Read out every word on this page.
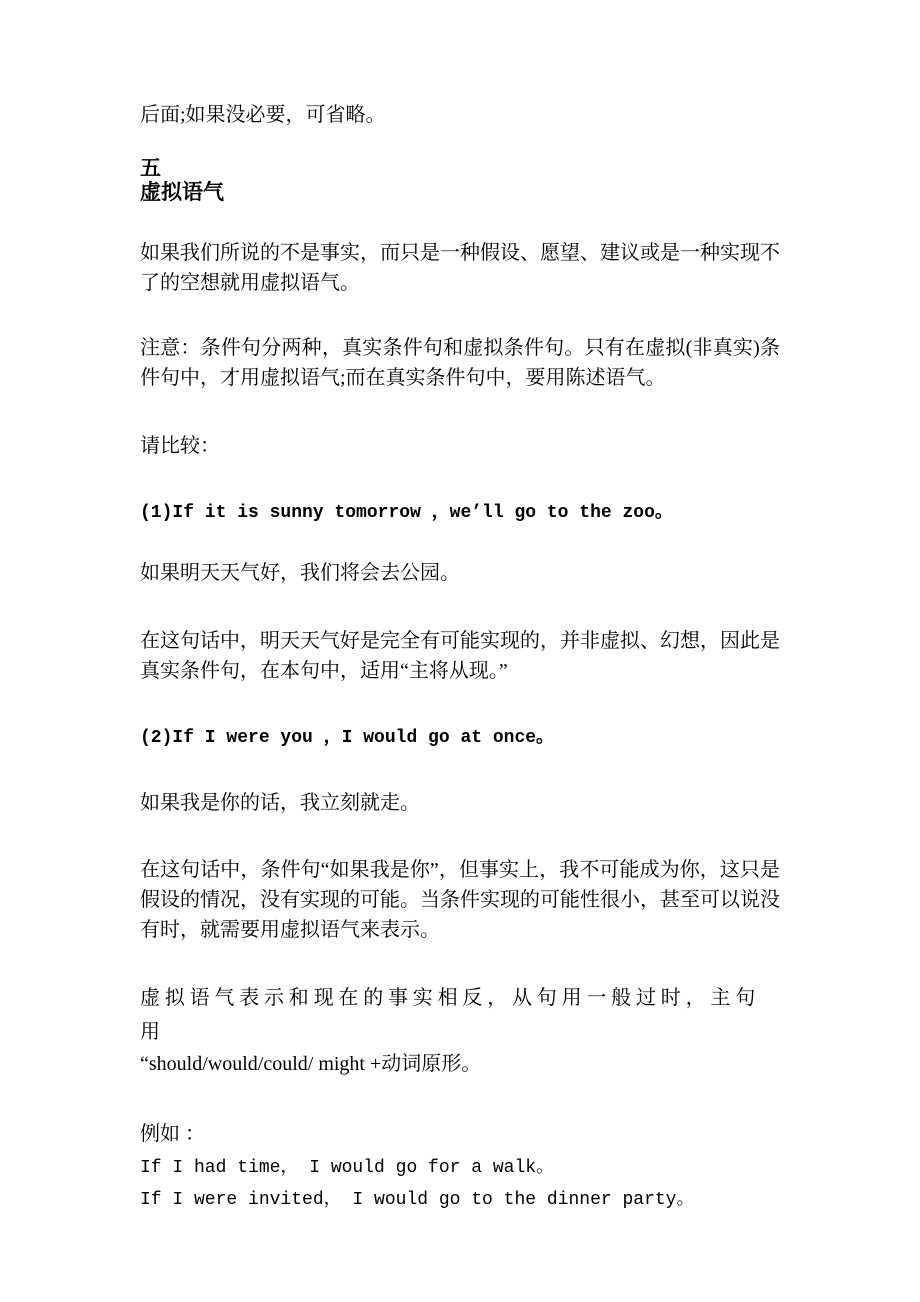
后面;如果没必要，可省略。

五
虚拟语气

如果我们所说的不是事实，而只是一种假设、愿望、建议或是一种实现不了的空想就用虚拟语气。

注意：条件句分两种，真实条件句和虚拟条件句。只有在虚拟(非真实)条件句中，才用虚拟语气;而在真实条件句中，要用陈述语气。

请比较：

(1)If it is sunny tomorrow ，we’ll go to the zoo。

如果明天天气好，我们将会去公园。

在这句话中，明天天气好是完全有可能实现的，并非虚拟、幻想，因此是真实条件句，在本句中，适用“主将从现。”

(2)If I were you ，I would go at once。

如果我是你的话，我立刻就走。

在这句话中，条件句“如果我是你”，但事实上，我不可能成为你，这只是假设的情况，没有实现的可能。当条件实现的可能性很小，甚至可以说没有时，就需要用虚拟语气来表示。

虚拟语气表示和现在的事实相反，从句用一般过时，主句用
“should/would/could/ might +动词原形。

例如 ：

If I had time， I would go for a walk。

If I were invited， I would go to the dinner party。
